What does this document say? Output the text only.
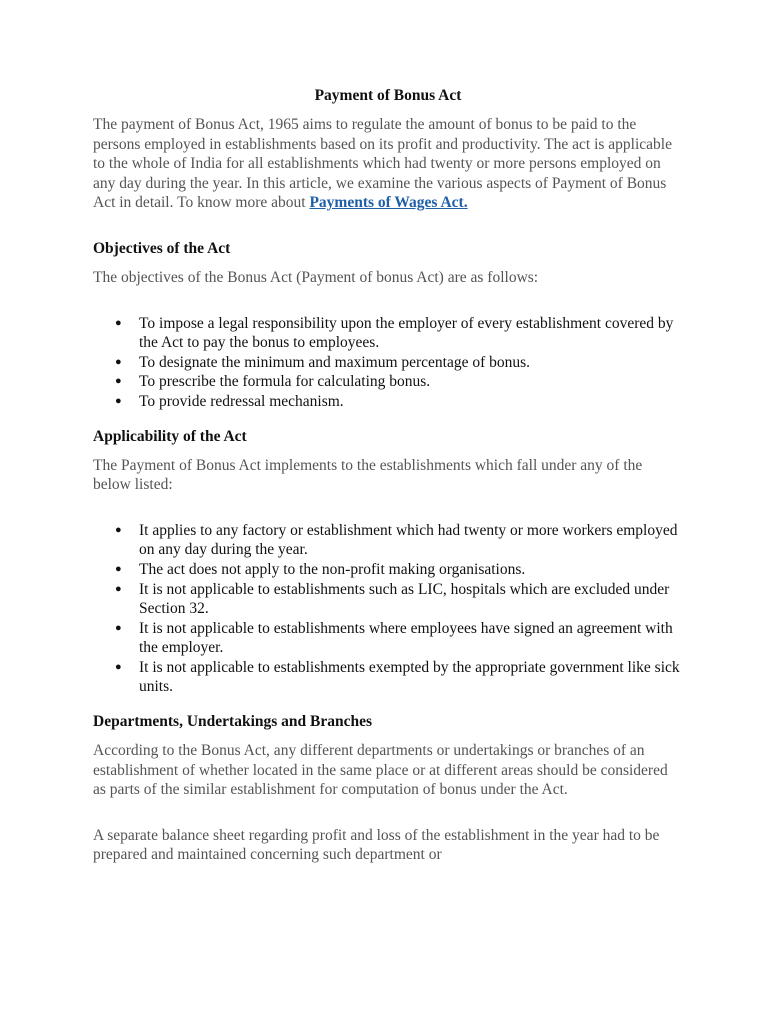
Payment of Bonus Act

The payment of Bonus Act, 1965 aims to regulate the amount of bonus to be paid to the persons employed in establishments based on its profit and productivity. The act is applicable to the whole of India for all establishments which had twenty or more persons employed on any day during the year. In this article, we examine the various aspects of Payment of Bonus Act in detail. To know more about Payments of Wages Act.

Objectives of the Act

The objectives of the Bonus Act (Payment of bonus Act) are as follows:

● To impose a legal responsibility upon the employer of every establishment covered by the Act to pay the bonus to employees.
● To designate the minimum and maximum percentage of bonus.
● To prescribe the formula for calculating bonus.
● To provide redressal mechanism.
Applicability of the Act

The Payment of Bonus Act implements to the establishments which fall under any of the below listed:

● It applies to any factory or establishment which had twenty or more workers employed on any day during the year.
● The act does not apply to the non-profit making organisations.
● It is not applicable to establishments such as LIC, hospitals which are excluded under Section 32.
● It is not applicable to establishments where employees have signed an agreement with the employer.
● It is not applicable to establishments exempted by the appropriate government like sick units.
Departments, Undertakings and Branches

According to the Bonus Act, any different departments or undertakings or branches of an establishment of whether located in the same place or at different areas should be considered as parts of the similar establishment for computation of bonus under the Act.

A separate balance sheet regarding profit and loss of the establishment in the year had to be prepared and maintained concerning such department or
